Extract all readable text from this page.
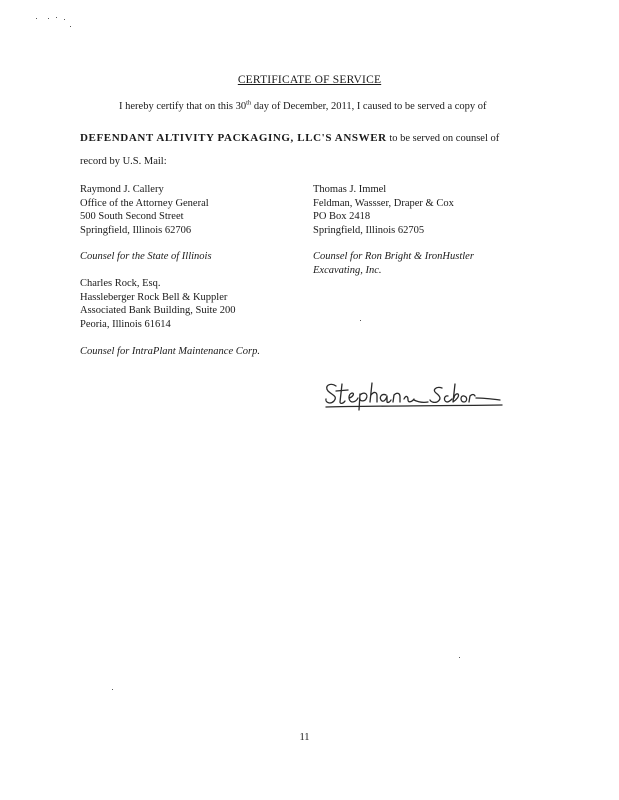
CERTIFICATE OF SERVICE
I hereby certify that on this 30th day of December, 2011, I caused to be served a copy of
DEFENDANT ALTIVITY PACKAGING, LLC'S ANSWER to be served on counsel of
record by U.S. Mail:
Raymond J. Callery
Office of the Attorney General
500 South Second Street
Springfield, Illinois 62706
Counsel for the State of Illinois
Thomas J. Immel
Feldman, Wassser, Draper & Cox
PO Box 2418
Springfield, Illinois 62705
Counsel for Ron Bright & IronHustler
Excavating, Inc.
Charles Rock, Esq.
Hassleberger Rock Bell & Kuppler
Associated Bank Building, Suite 200
Peoria, Illinois 61614
Counsel for IntraPlant Maintenance Corp.
11
